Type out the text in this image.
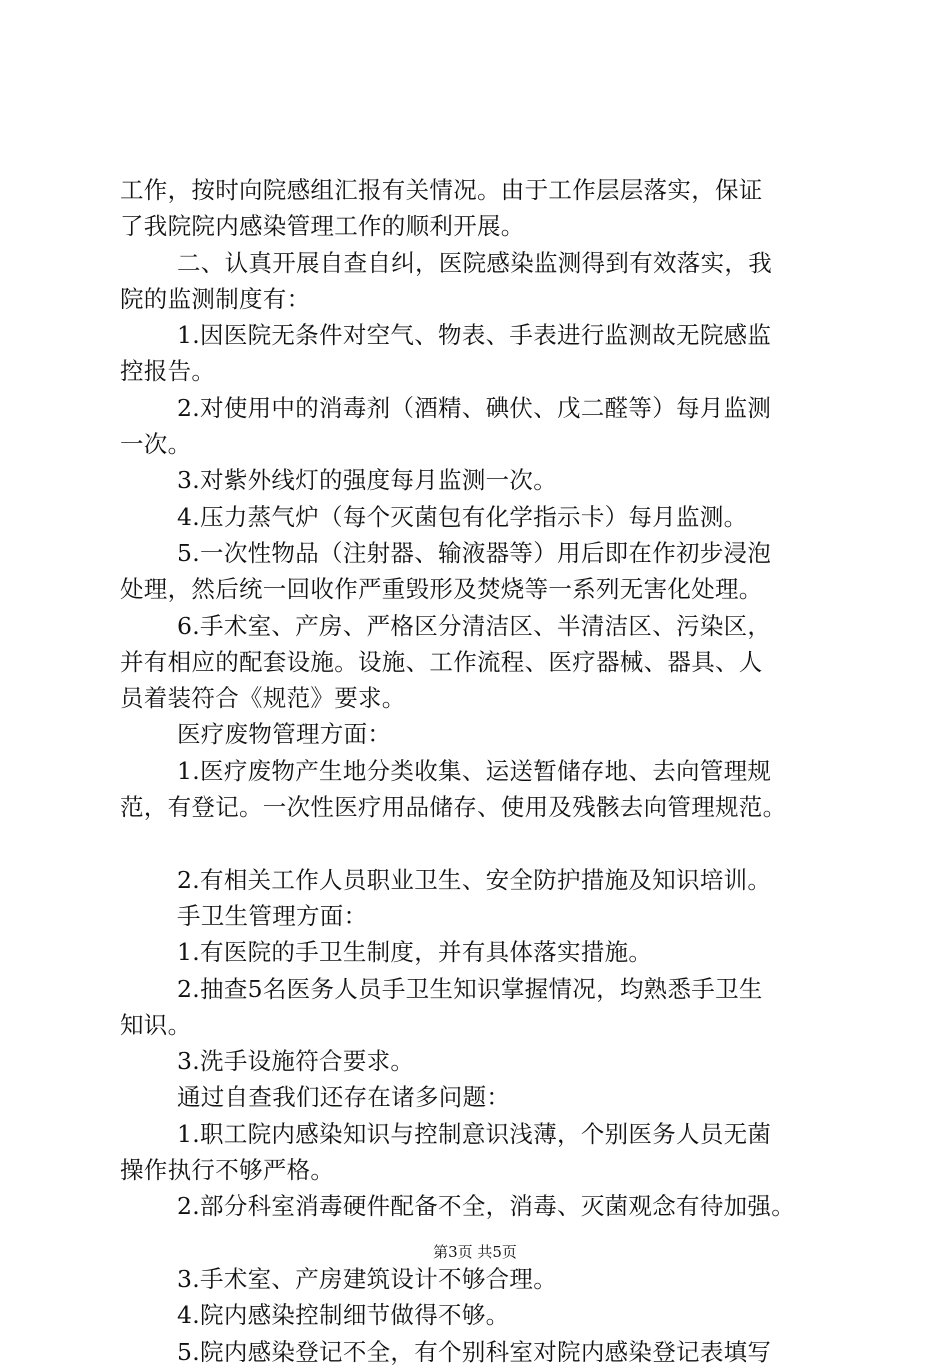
工作，按时向院感组汇报有关情况。由于工作层层落实，保证
了我院院内感染管理工作的顺利开展。
二、认真开展自查自纠，医院感染监测得到有效落实，我
院的监测制度有：
1.因医院无条件对空气、物表、手表进行监测故无院感监
控报告。
2.对使用中的消毒剂（酒精、碘伏、戊二醛等）每月监测
一次。
3.对紫外线灯的强度每月监测一次。
4.压力蒸气炉（每个灭菌包有化学指示卡）每月监测。
5.一次性物品（注射器、输液器等）用后即在作初步浸泡
处理，然后统一回收作严重毁形及焚烧等一系列无害化处理。
6.手术室、产房、严格区分清洁区、半清洁区、污染区，
并有相应的配套设施。设施、工作流程、医疗器械、器具、人
员着装符合《规范》要求。
医疗废物管理方面：
1.医疗废物产生地分类收集、运送暂储存地、去向管理规
范，有登记。一次性医疗用品储存、使用及残骸去向管理规范。
2.有相关工作人员职业卫生、安全防护措施及知识培训。
手卫生管理方面：
1.有医院的手卫生制度，并有具体落实措施。
2.抽查5名医务人员手卫生知识掌握情况，均熟悉手卫生
知识。
3.洗手设施符合要求。
通过自查我们还存在诸多问题：
1.职工院内感染知识与控制意识浅薄，个别医务人员无菌
操作执行不够严格。
2.部分科室消毒硬件配备不全，消毒、灭菌观念有待加强。
3.手术室、产房建筑设计不够合理。
4.院内感染控制细节做得不够。
5.院内感染登记不全，有个别科室对院内感染登记表填写
第3页 共5页
